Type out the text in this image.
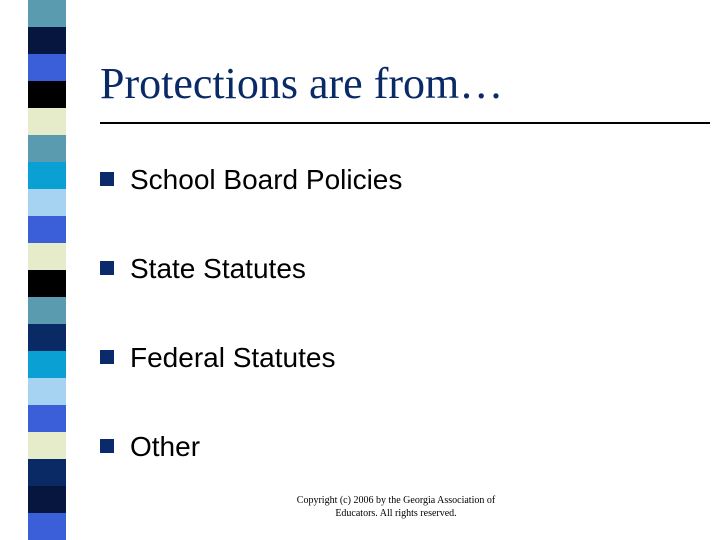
Protections are from…
School Board Policies
State Statutes
Federal Statutes
Other
Copyright (c) 2006 by the Georgia Association of Educators. All rights reserved.
